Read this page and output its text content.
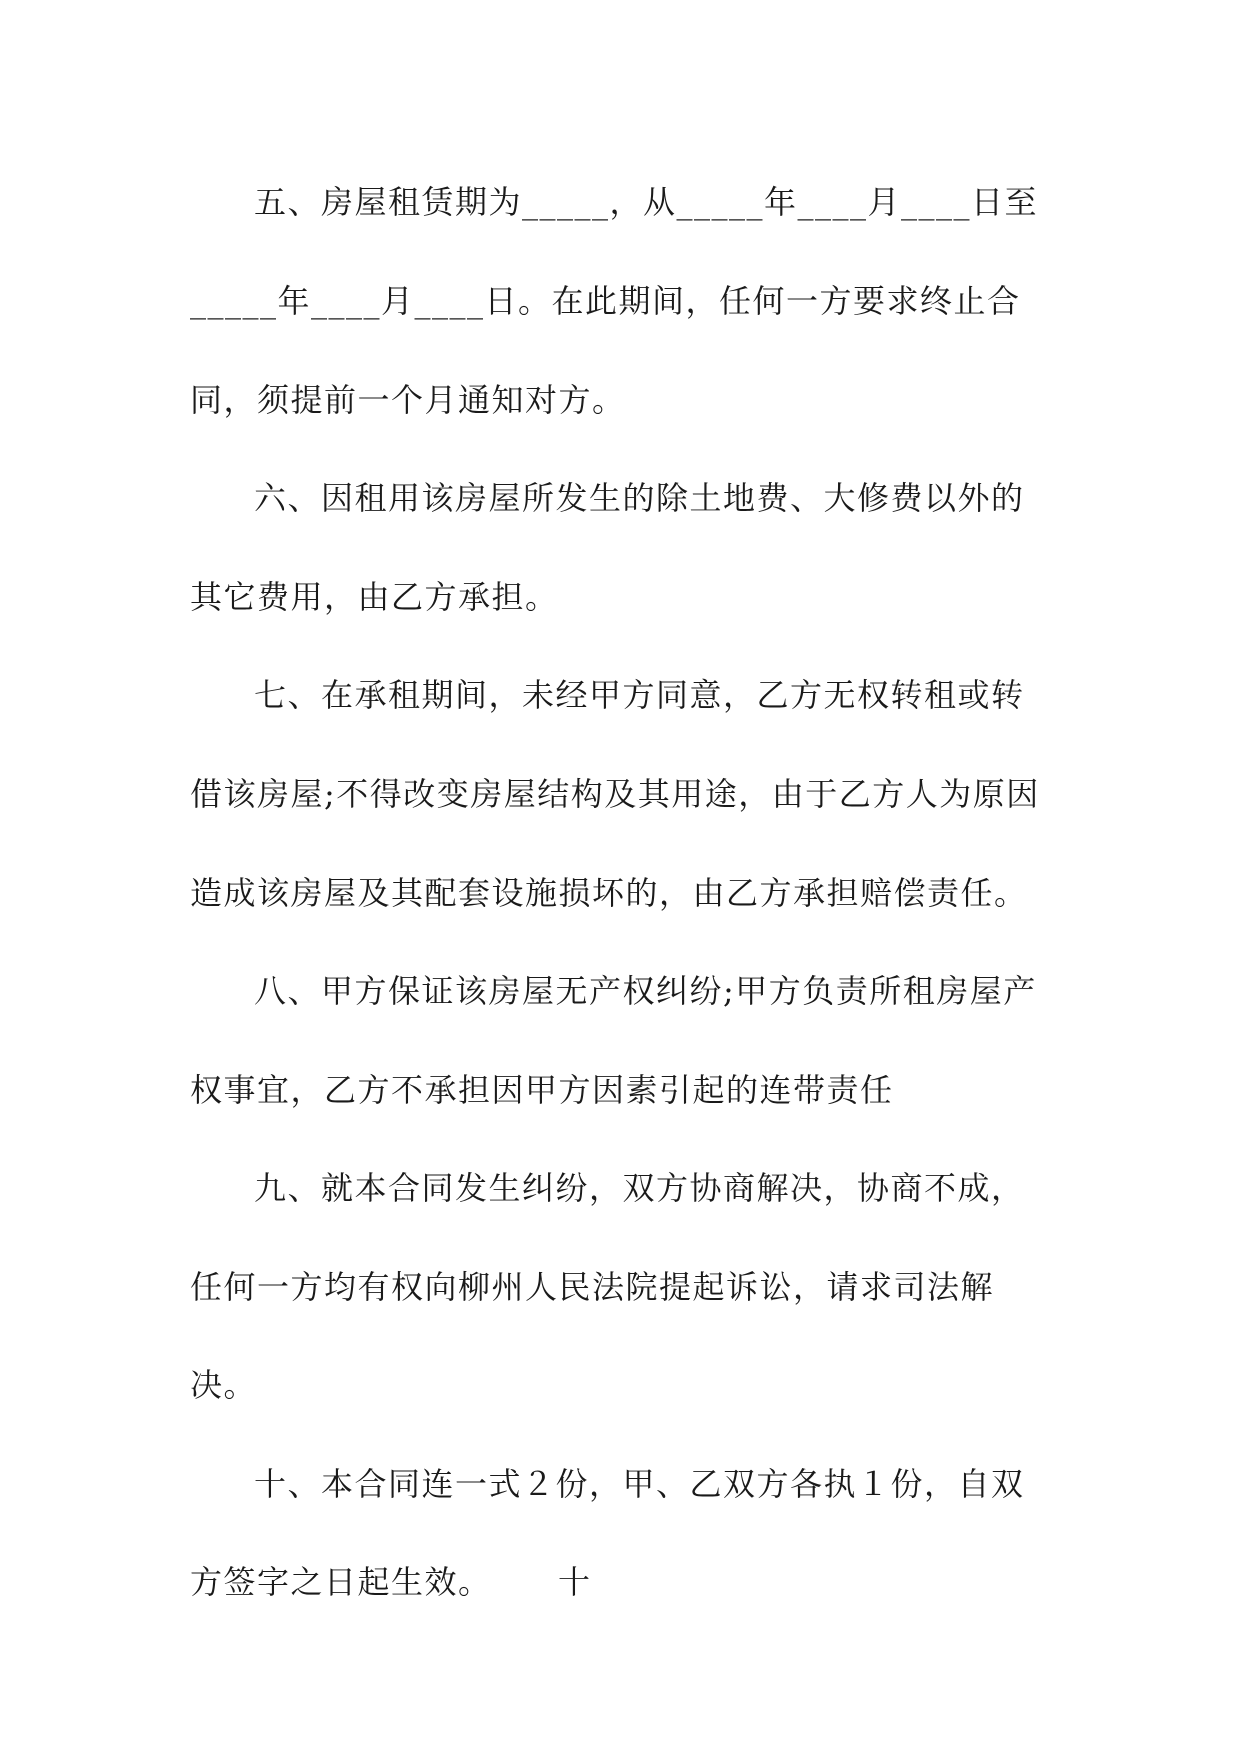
五、房屋租赁期为_____，从_____年____月____日至

_____年____月____日。在此期间，任何一方要求终止合

同，须提前一个月通知对方。

六、因租用该房屋所发生的除土地费、大修费以外的

其它费用，由乙方承担。

七、在承租期间，未经甲方同意，乙方无权转租或转

借该房屋;不得改变房屋结构及其用途，由于乙方人为原因

造成该房屋及其配套设施损坏的，由乙方承担赔偿责任。

八、甲方保证该房屋无产权纠纷;甲方负责所租房屋产

权事宜，乙方不承担因甲方因素引起的连带责任

九、就本合同发生纠纷，双方协商解决，协商不成，

任何一方均有权向柳州人民法院提起诉讼，请求司法解

决。

十、本合同连一式２份，甲、乙双方各执１份，自双

方签字之日起生效。 十
